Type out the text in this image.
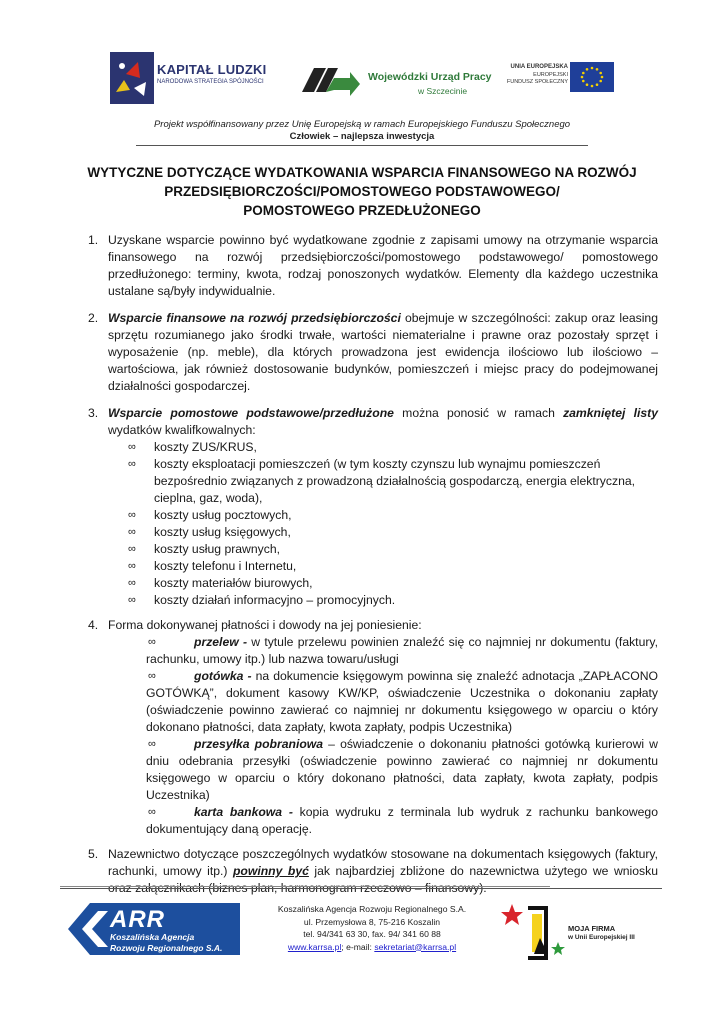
KAPITAŁ LUDZKI
NARODOWA STRATEGIA SPÓJNOŚCI	Wojewódzki Urząd Pracy
w Szczecinie
UNIA EUROPEJSKA
EUROPEJSKI
FUNDUSZ SPOŁECZNY
Projekt współfinansowany przez Unię Europejską w ramach Europejskiego Funduszu Społecznego
Człowiek – najlepsza inwestycja
WYTYCZNE DOTYCZĄCE WYDATKOWANIA WSPARCIA FINANSOWEGO NA ROZWÓJ
PRZEDSIĘBIORCZOŚCI/POMOSTOWEGO PODSTAWOWEGO/
POMOSTOWEGO PRZEDŁUŻONEGO
1. Uzyskane wsparcie powinno być wydatkowane zgodnie z zapisami umowy na otrzymanie wsparcia finansowego na rozwój przedsiębiorczości/pomostowego podstawowego/ pomostowego przedłużonego: terminy, kwota, rodzaj ponoszonych wydatków. Elementy dla każdego uczestnika ustalane są/były indywidualnie.
2. Wsparcie finansowe na rozwój przedsiębiorczości obejmuje w szczególności: zakup oraz leasing sprzętu rozumianego jako środki trwałe, wartości niematerialne i prawne oraz pozostały sprzęt i wyposażenie (np. meble), dla których prowadzona jest ewidencja ilościowo lub ilościowo – wartościowa, jak również dostosowanie budynków, pomieszczeń i miejsc pracy do podejmowanej działalności gospodarczej.
3. Wsparcie pomostowe podstawowe/przedłużone można ponosić w ramach zamkniętej listy wydatków kwalifkowalnych:
∞ koszty ZUS/KRUS,
∞ koszty eksploatacji pomieszczeń (w tym koszty czynszu lub wynajmu pomieszczeń bezpośrednio związanych z prowadzoną działalnością gospodarczą, energia elektryczna, cieplna, gaz, woda),
∞ koszty usług pocztowych,
∞ koszty usług księgowych,
∞ koszty usług prawnych,
∞ koszty telefonu i Internetu,
∞ koszty materiałów biurowych,
∞ koszty działań informacyjno – promocyjnych.
4. Forma dokonywanej płatności i dowody na jej poniesienie:
∞	przelew - w tytule przelewu powinien znaleźć się co najmniej nr dokumentu (faktury, rachunku, umowy itp.) lub nazwa towaru/usługi
∞	gotówka - na dokumencie księgowym powinna się znaleźć adnotacja „ZAPŁACONO GOTÓWKĄ”, dokument kasowy KW/KP, oświadczenie Uczestnika o dokonaniu zapłaty (oświadczenie powinno zawierać co najmniej nr dokumentu księgowego w oparciu o który dokonano płatności, data zapłaty, kwota zapłaty, podpis Uczestnika)
∞	przesyłka pobraniowa – oświadczenie o dokonaniu płatności gotówką kurierowi w dniu odebrania przesyłki (oświadczenie powinno zawierać co najmniej nr dokumentu księgowego w oparciu o który dokonano płatności, data zapłaty, kwota zapłaty, podpis Uczestnika)
∞	karta bankowa - kopia wydruku z terminala lub wydruk z rachunku bankowego dokumentujący daną operację.
5. Nazewnictwo dotyczące poszczególnych wydatków stosowane na dokumentach księgowych (faktury, rachunki, umowy itp.) powinny być jak najbardziej zbliżone do nazewnictwa użytego we wniosku oraz załącznikach (biznes plan, harmonogram rzeczowo – finansowy).
ARR
Koszalińska Agencja
Rozwoju Regionalnego S.A.
Koszalińska Agencja Rozwoju Regionalnego S.A.
ul. Przemysłowa 8, 75-216 Koszalin
tel. 94/341 63 30, fax. 94/ 341 60 88
www.karrsa.pl; e-mail: sekretariat@karrsa.pl
MOJA FIRMA
w Unii Europejskiej III
